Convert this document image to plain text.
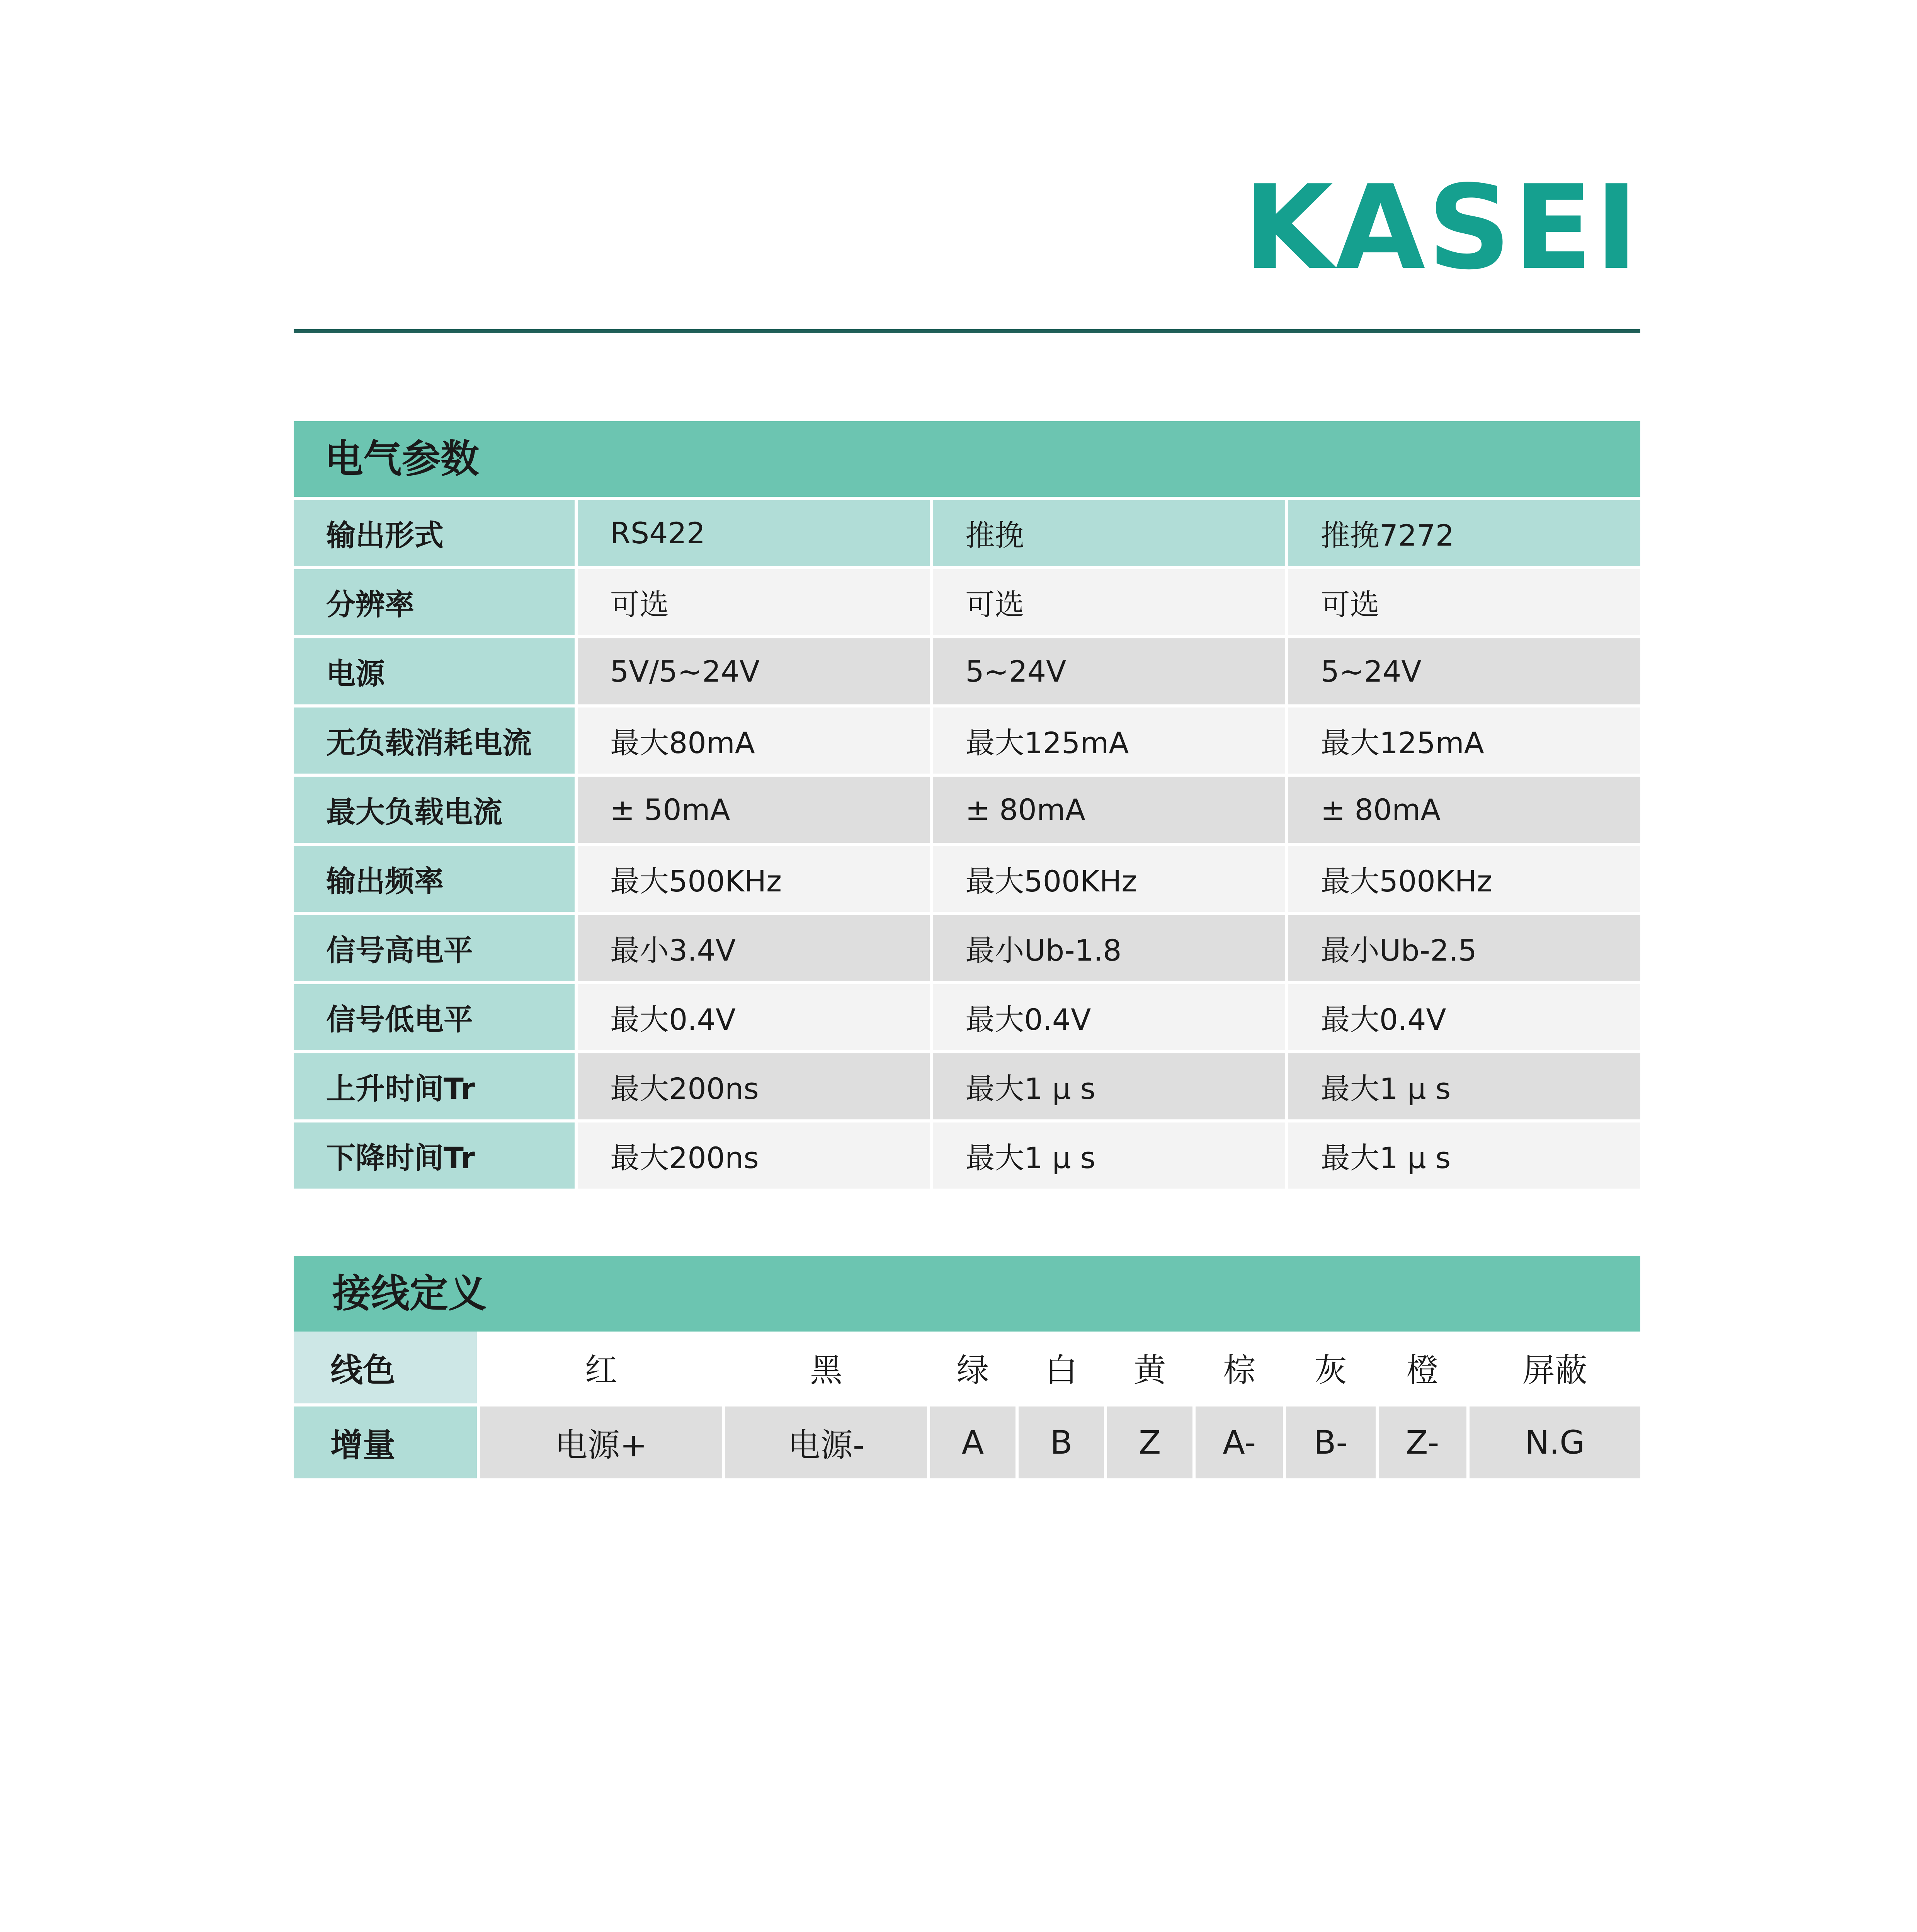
KASEI
电气参数
输出形式	RS422	推挽	推挽7272
分辨率	可选	可选	可选
电源	5V/5~24V	5~24V	5~24V
无负载消耗电流	最大80mA	最大125mA	最大125mA
最大负载电流	± 50mA	± 80mA	± 80mA
输出频率	最大500KHz	最大500KHz	最大500KHz
信号高电平	最小3.4V	最小Ub-1.8	最小Ub-2.5
信号低电平	最大0.4V	最大0.4V	最大0.4V
上升时间Tr	最大200ns	最大1 μ s	最大1 μ s
下降时间Tr	最大200ns	最大1 μ s	最大1 μ s
接线定义
线色	红	黑	绿	白	黄	棕	灰	橙	屏蔽
增量	电源+	电源-	A	B	Z	A-	B-	Z-	N.G
